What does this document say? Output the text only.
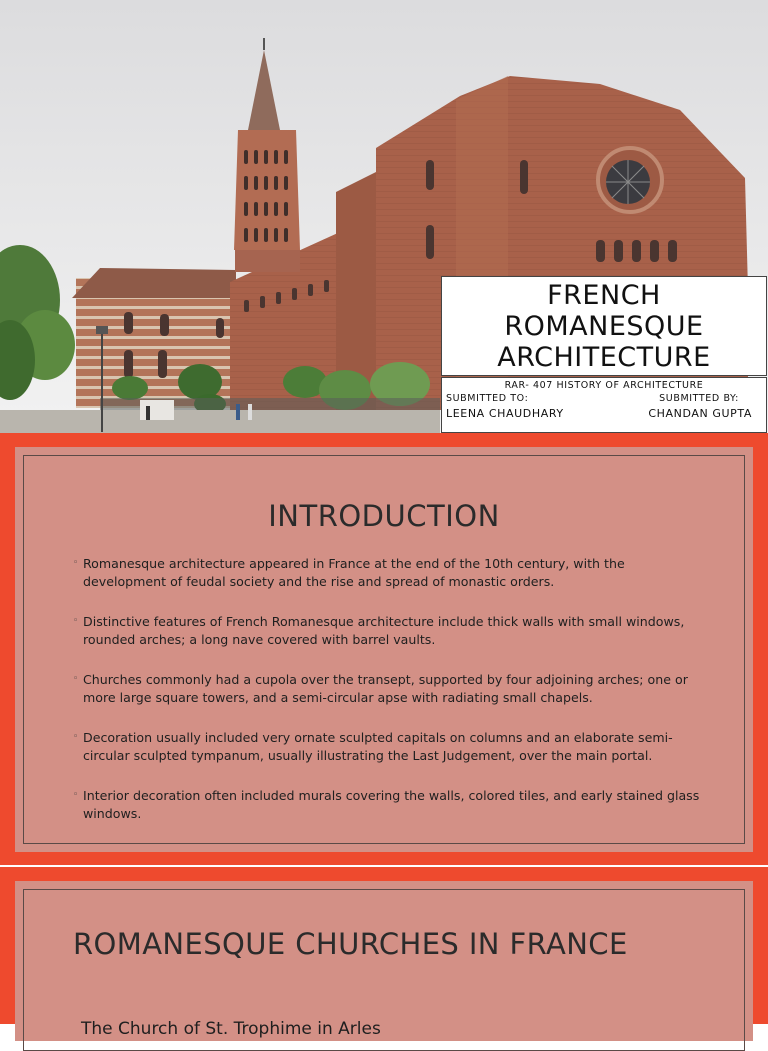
FRENCH
ROMANESQUE
ARCHITECTURE
RAR- 407 HISTORY OF ARCHITECTURE
SUBMITTED TO:	SUBMITTED BY:
LEENA CHAUDHARY	CHANDAN GUPTA
INTRODUCTION
◦ Romanesque architecture appeared in France at the end of the 10th century, with the development of feudal society and the rise and spread of monastic orders.
◦ Distinctive features of French Romanesque architecture include thick walls with small windows, rounded arches; a long nave covered with barrel vaults.
◦ Churches commonly had a cupola over the transept, supported by four adjoining arches; one or more large square towers, and a semi-circular apse with radiating small chapels.
◦ Decoration usually included very ornate sculpted capitals on columns and an elaborate semi-circular sculpted tympanum, usually illustrating the Last Judgement, over the main portal.
◦ Interior decoration often included murals covering the walls, colored tiles, and early stained glass windows.
ROMANESQUE CHURCHES IN FRANCE
The Church of St. Trophime in Arles
